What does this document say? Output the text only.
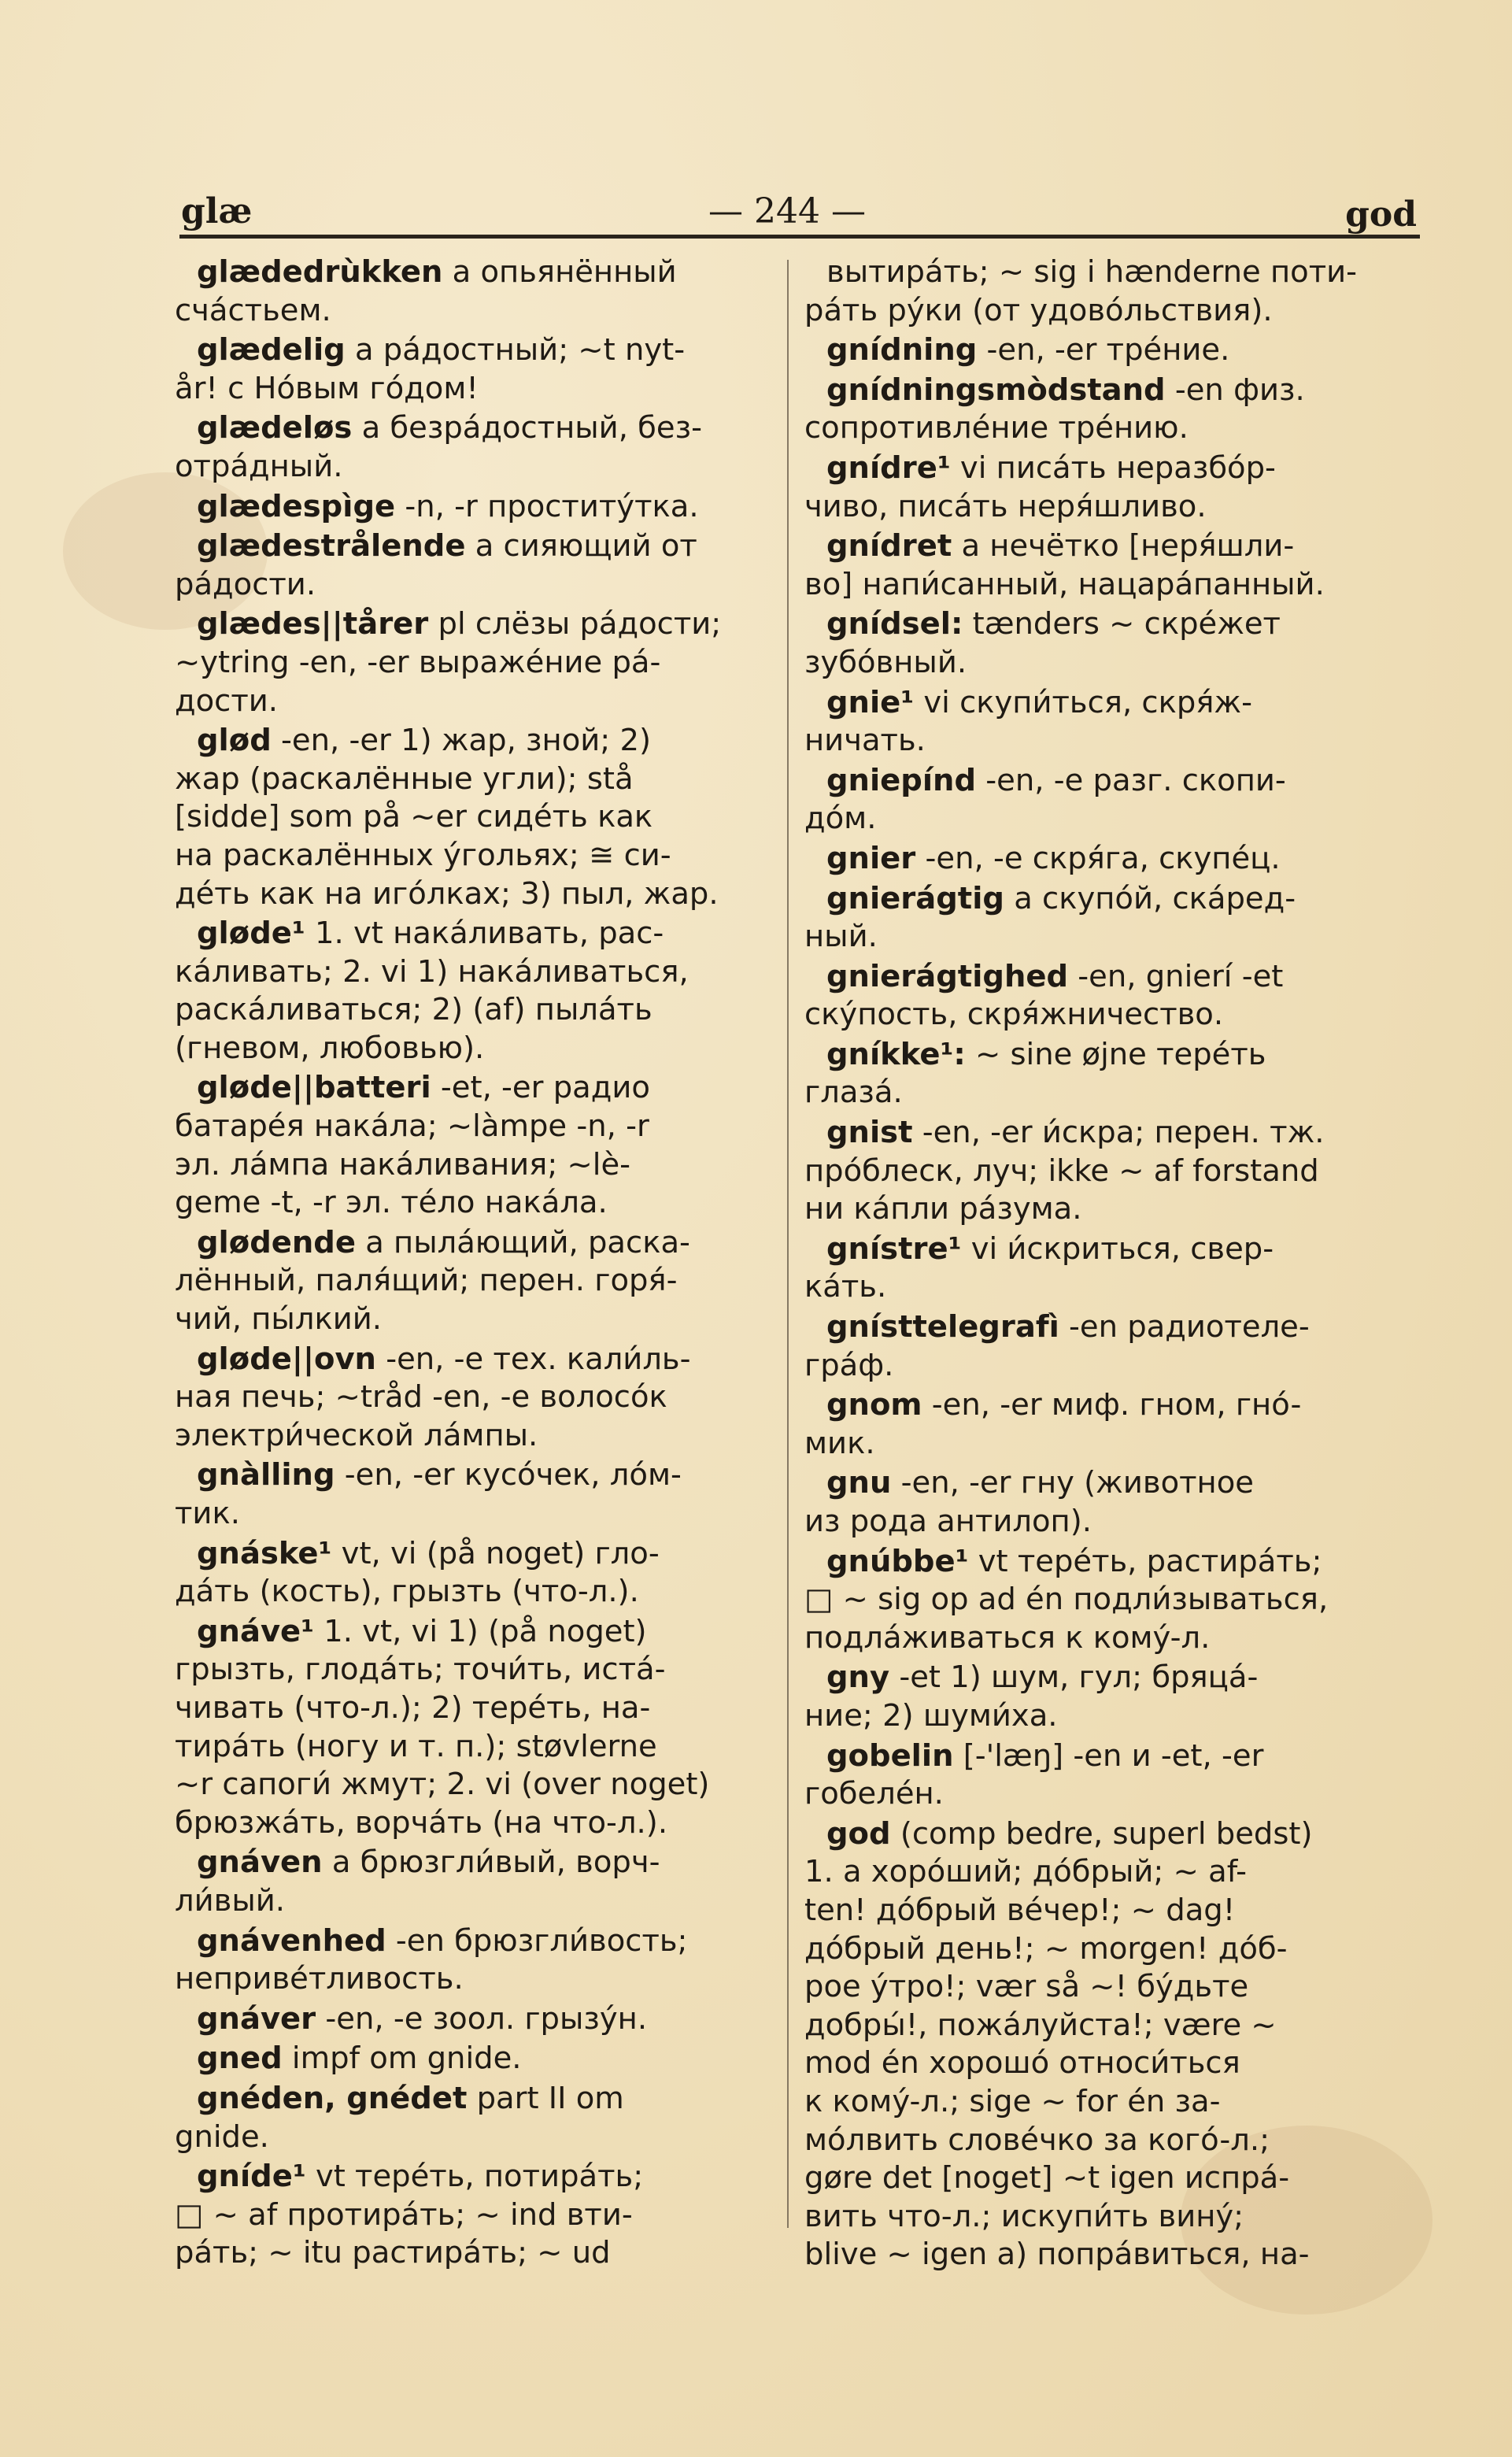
glæ	— 244 —	god
glædedrùkken a опьянённый
счáстьем.
glædelig a рáдостный; ~t nyt-
år! с Нóвым гóдом!
glædeløs a безрáдостный, без-
отрáдный.
glædespìge -n, -r проститýтка.
glædestrålende a сияющий от
рáдости.
glædes||tårer pl слёзы рáдости;
~ytring -en, -er выражéние рá-
дости.
glød -en, -er 1) жар, зной; 2)
жар (раскалённые угли); stå
[sidde] som på ~er сидéть как
на раскалённых ýгольях; ≅ си-
дéть как на игóлках; 3) пыл, жар.
gløde¹ 1. vt накáливать, рас-
кáливать; 2. vi 1) накáливаться,
раскáливаться; 2) (af) пылáть
(гневом, любовью).
gløde||batteri -et, -er радио
батарéя накáла; ~làmpe -n, -r
эл. лáмпа накáливания; ~lè-
geme -t, -r эл. тéло накáла.
glødende a пылáющий, раска-
лённый, паля́щий; перен. горя́-
чий, пы́лкий.
gløde||ovn -en, -e тех. кали́ль-
ная печь; ~tråd -en, -e волосóк
электри́ческой лáмпы.
gnàlling -en, -er кусóчек, лóм-
тик.
gnáske¹ vt, vi (på noget) гло-
дáть (кость), грызть (что-л.).
gnáve¹ 1. vt, vi 1) (på noget)
грызть, глодáть; точи́ть, истá-
чивать (что-л.); 2) терéть, на-
тирáть (ногу и т. п.); støvlerne
~r сапоги́ жмут; 2. vi (over noget)
брюзжáть, ворчáть (на что-л.).
gnáven a брюзгли́вый, ворч-
ли́вый.
gnávenhed -en брюзгли́вость;
неприве́тливость.
gnáver -en, -e зоол. грызýн.
gned impf om gnide.
gnéden, gnédet part II om
gnide.
gníde¹ vt терéть, потирáть;
□ ~ af протирáть; ~ ind вти-
рáть; ~ itu растирáть; ~ ud
вытирáть; ~ sig i hænderne поти-
рáть рýки (от удовóльствия).
gnídning -en, -er трéние.
gnídningsmòdstand -en физ.
сопротивлéние трéнию.
gnídre¹ vi писáть неразбóр-
чиво, писáть неря́шливо.
gnídret a нечётко [неря́шли-
во] напи́санный, нацарáпанный.
gnídsel: tænders ~ скрéжет
зубóвный.
gnie¹ vi скупи́ться, скря́ж-
ничать.
gniepínd -en, -e разг. скопи-
дóм.
gnier -en, -e скря́га, скупéц.
gnierágtig a скупóй, скáред-
ный.
gnierágtighed -en, gnierí -et
скýпость, скря́жничество.
gníkke¹: ~ sine øjne терéть
глазá.
gnist -en, -er и́скра; перен. тж.
прóблеск, луч; ikke ~ af forstand
ни кáпли рáзума.
gnístre¹ vi и́скриться, свер-
кáть.
gnísttelegrafì -en радиотеле-
грáф.
gnom -en, -er миф. гном, гнó-
мик.
gnu -en, -er гну (животное
из рода антилоп).
gnúbbe¹ vt терéть, растирáть;
□ ~ sig op ad én подли́зываться,
подлáживаться к комý-л.
gny -et 1) шум, гул; бряцá-
ние; 2) шуми́ха.
gobelin [-'læŋ] -en и -et, -er
гобелéн.
god (comp bedre, superl bedst)
1. a хорóший; дóбрый; ~ af-
ten! дóбрый вéчер!; ~ dag!
дóбрый день!; ~ morgen! дóб-
рое ýтро!; vær så ~! бýдьте
добры́!, пожáлуйста!; være ~
mod én хорошó относи́ться
к комý-л.; sige ~ for én за-
мóлвить словéчко за когó-л.;
gøre det [noget] ~t igen испрá-
вить что-л.; искупи́ть винý;
blive ~ igen a) попрáвиться, на-
